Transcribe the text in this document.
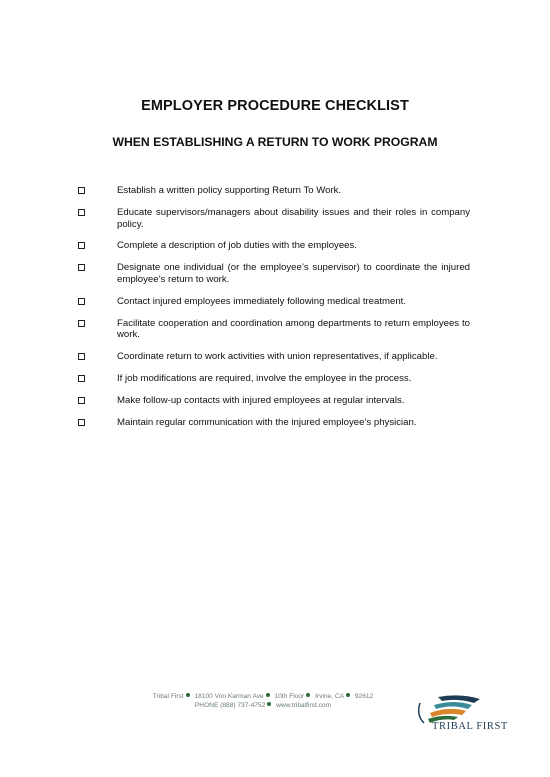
EMPLOYER PROCEDURE CHECKLIST
WHEN ESTABLISHING A RETURN TO WORK PROGRAM
Establish a written policy supporting Return To Work.
Educate supervisors/managers about disability issues and their roles in company policy.
Complete a description of job duties with the employees.
Designate one individual (or the employee’s supervisor) to coordinate the injured employee’s return to work.
Contact injured employees immediately following medical treatment.
Facilitate cooperation and coordination among departments to return employees to work.
Coordinate return to work activities with union representatives, if applicable.
If job modifications are required, involve the employee in the process.
Make follow-up contacts with injured employees at regular intervals.
Maintain regular communication with the injured employee’s physician.
Tribal First 18100 Von Karman Ave 10th Floor Irvine, CA 92612
PHONE (888) 737-4752 www.tribalfirst.com
TRIBAL FIRST
